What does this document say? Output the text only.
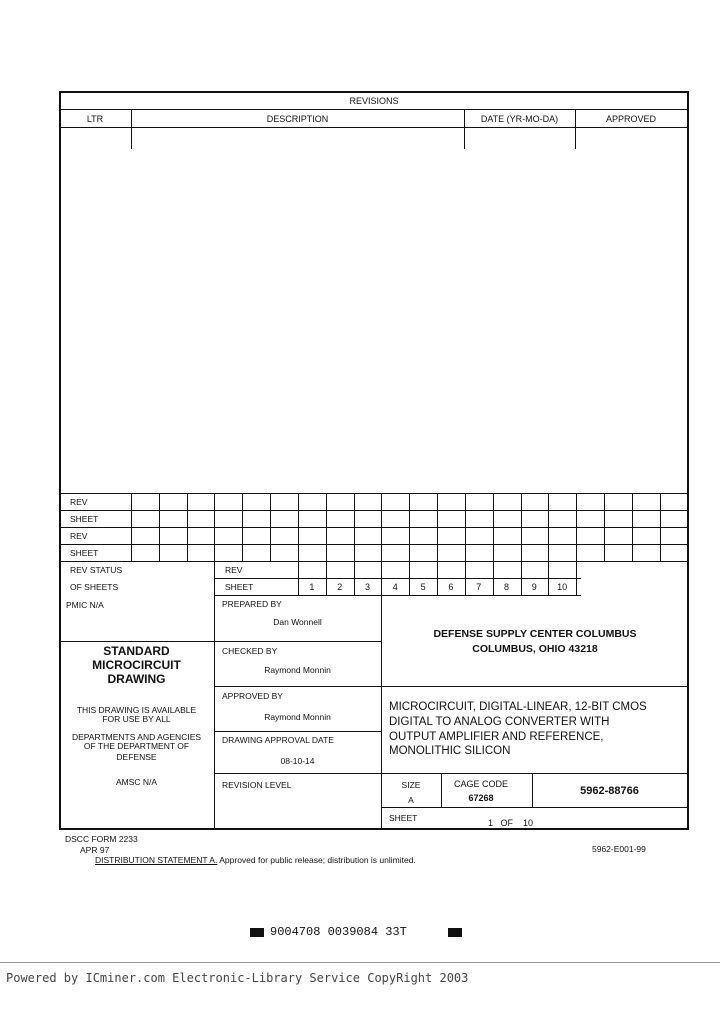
REVISIONS
LTR	DESCRIPTION	DATE (YR-MO-DA)	APPROVED
REV
SHEET
REV
SHEET
REV STATUS
OF SHEETS
REV
SHEET	1	2	3	4	5	6	7	8	9	10
PMIC N/A
STANDARD
MICROCIRCUIT
DRAWING
THIS DRAWING IS AVAILABLE
FOR USE BY ALL
DEPARTMENTS AND AGENCIES
OF THE DEPARTMENT OF
DEFENSE
AMSC N/A
PREPARED BY
Dan Wonnell
CHECKED BY
Raymond Monnin
APPROVED BY
Raymond Monnin
DRAWING APPROVAL DATE
08-10-14
REVISION LEVEL
DEFENSE SUPPLY CENTER COLUMBUS
COLUMBUS, OHIO 43218
MICROCIRCUIT, DIGITAL-LINEAR, 12-BIT CMOS
DIGITAL TO ANALOG CONVERTER WITH
OUTPUT AMPLIFIER AND REFERENCE,
MONOLITHIC SILICON
SIZE
A
CAGE CODE
67268
5962-88766
SHEET	1   OF    10
DSCC FORM 2233
APR 97
DISTRIBUTION STATEMENT A. Approved for public release; distribution is unlimited.
5962-E001-99
9004708 0039084 33T
Powered by ICminer.com Electronic-Library Service CopyRight 2003
